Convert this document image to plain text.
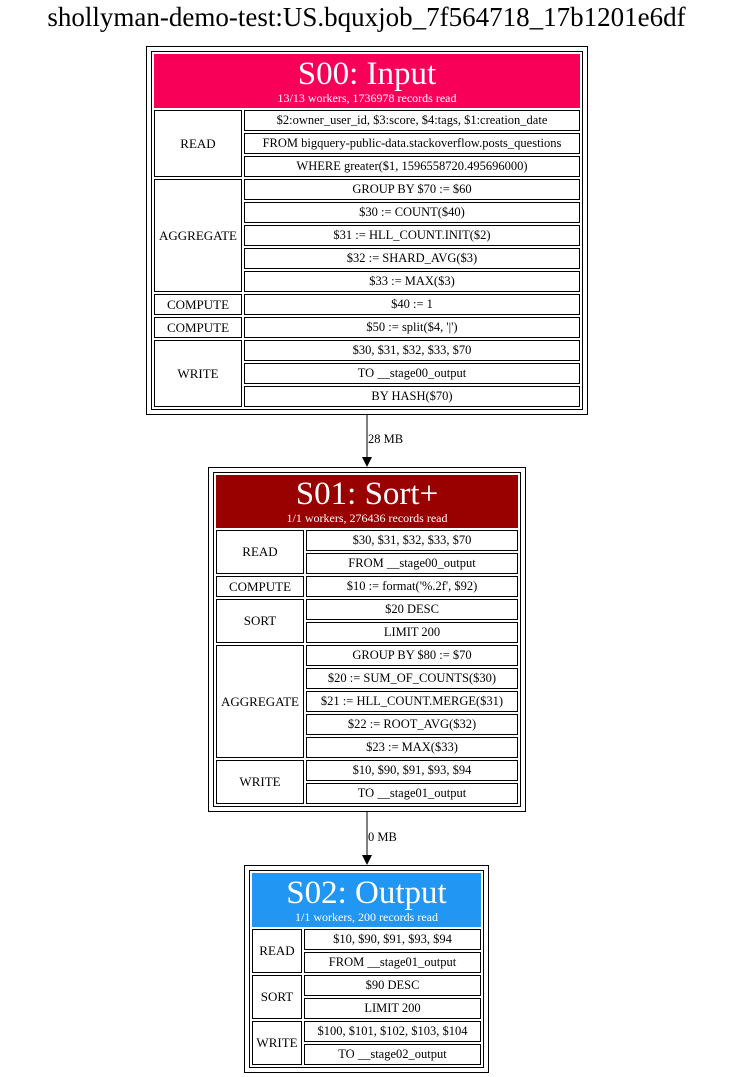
shollyman-demo-test:US.bquxjob_7f564718_17b1201e6df
28 MB
0 MB
S00: Input
13/13 workers, 1736978 records read
READ
$2:owner_user_id, $3:score, $4:tags, $1:creation_date
FROM bigquery-public-data.stackoverflow.posts_questions
WHERE greater($1, 1596558720.495696000)
AGGREGATE
GROUP BY $70 := $60
$30 := COUNT($40)
$31 := HLL_COUNT.INIT($2)
$32 := SHARD_AVG($3)
$33 := MAX($3)
COMPUTE	$40 := 1
COMPUTE	$50 := split($4, '|')
WRITE
$30, $31, $32, $33, $70
TO __stage00_output
BY HASH($70)
S01: Sort+
1/1 workers, 276436 records read
READ
$30, $31, $32, $33, $70
FROM __stage00_output
COMPUTE	$10 := format('%.2f', $92)
SORT
$20 DESC
LIMIT 200
AGGREGATE
GROUP BY $80 := $70
$20 := SUM_OF_COUNTS($30)
$21 := HLL_COUNT.MERGE($31)
$22 := ROOT_AVG($32)
$23 := MAX($33)
WRITE
$10, $90, $91, $93, $94
TO __stage01_output
S02: Output
1/1 workers, 200 records read
READ
$10, $90, $91, $93, $94
FROM __stage01_output
SORT
$90 DESC
LIMIT 200
WRITE
$100, $101, $102, $103, $104
TO __stage02_output
